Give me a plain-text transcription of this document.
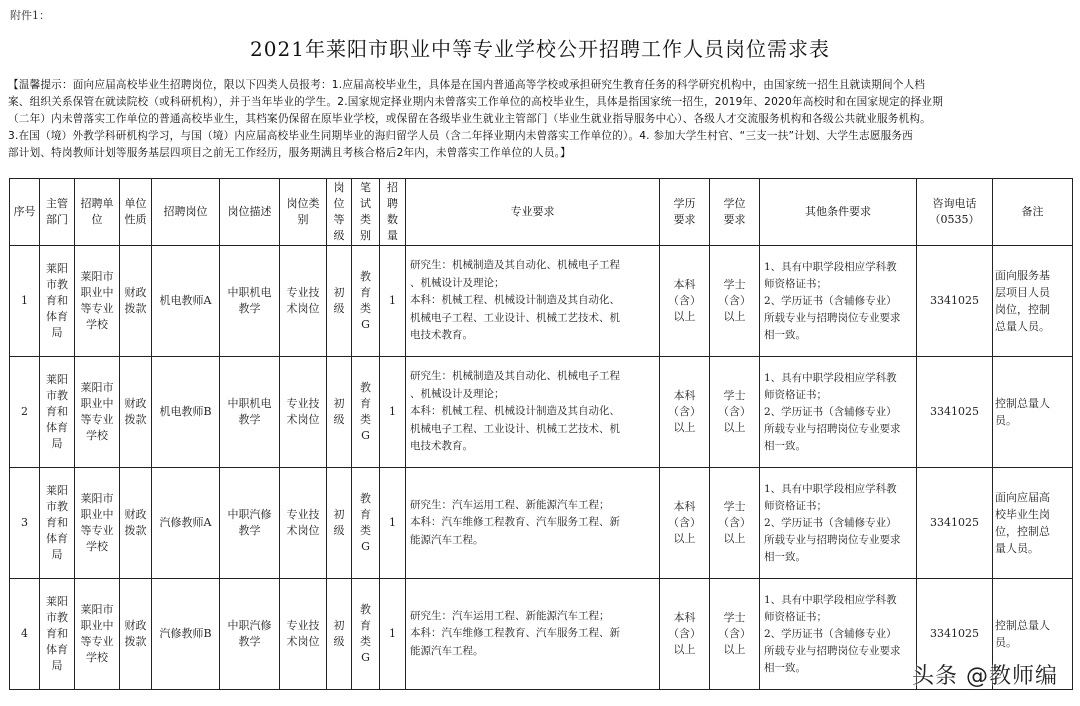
附件1：
2021年莱阳市职业中等专业学校公开招聘工作人员岗位需求表
【温馨提示：面向应届高校毕业生招聘岗位，限以下四类人员报考：1.应届高校毕业生，具体是在国内普通高等学校或承担研究生教育任务的科学研究机构中，由国家统一招生且就读期间个人档
案、组织关系保管在就读院校（或科研机构），并于当年毕业的学生。2.国家规定择业期内未曾落实工作单位的高校毕业生，具体是指国家统一招生，2019年、2020年高校时和在国家规定的择业期
（二年）内未曾落实工作单位的普通高校毕业生，其档案仍保留在原毕业学校，或保留在各级毕业生就业主管部门（毕业生就业指导服务中心）、各级人才交流服务机构和各级公共就业服务机构。
3.在国（境）外教学科研机构学习，与国（境）内应届高校毕业生同期毕业的海归留学人员（含二年择业期内未曾落实工作单位的）。4. 参加大学生村官、“三支一扶”计划、大学生志愿服务西
部计划、特岗教师计划等服务基层四项目之前无工作经历，服务期满且考核合格后2年内，未曾落实工作单位的人员。】
序号	主管
部门	招聘单
位	单位
性质	招聘岗位	岗位描述	岗位类
别	岗
位
等
级	笔
试
类
别	招
聘
数
量	专业要求	学历
要求	学位
要求	其他条件要求	咨询电话
（0535）	备注
1	莱阳
市教
育和
体育
局	莱阳市
职业中
等专业
学校	财政
拨款	机电教师A	中职机电
教学	专业技
术岗位	初
级	教
育
类
G	1	研究生：机械制造及其自动化、机械电子工程
、机械设计及理论；
本科：机械工程、机械设计制造及其自动化、
机械电子工程、工业设计、机械工艺技术、机
电技术教育。	本科
（含）
以上	学士
（含）
以上	1、具有中职学段相应学科教
师资格证书；
2、学历证书（含辅修专业）
所载专业与招聘岗位专业要求
相一致。	3341025	面向服务基
层项目人员
岗位，控制
总量人员。
2	莱阳
市教
育和
体育
局	莱阳市
职业中
等专业
学校	财政
拨款	机电教师B	中职机电
教学	专业技
术岗位	初
级	教
育
类
G	1	研究生：机械制造及其自动化、机械电子工程
、机械设计及理论；
本科：机械工程、机械设计制造及其自动化、
机械电子工程、工业设计、机械工艺技术、机
电技术教育。	本科
（含）
以上	学士
（含）
以上	1、具有中职学段相应学科教
师资格证书；
2、学历证书（含辅修专业）
所载专业与招聘岗位专业要求
相一致。	3341025	控制总量人
员。
3	莱阳
市教
育和
体育
局	莱阳市
职业中
等专业
学校	财政
拨款	汽修教师A	中职汽修
教学	专业技
术岗位	初
级	教
育
类
G	1	研究生：汽车运用工程、新能源汽车工程；
本科：汽车维修工程教育、汽车服务工程、新
能源汽车工程。	本科
（含）
以上	学士
（含）
以上	1、具有中职学段相应学科教
师资格证书；
2、学历证书（含辅修专业）
所载专业与招聘岗位专业要求
相一致。	3341025	面向应届高
校毕业生岗
位，控制总
量人员。
4	莱阳
市教
育和
体育
局	莱阳市
职业中
等专业
学校	财政
拨款	汽修教师B	中职汽修
教学	专业技
术岗位	初
级	教
育
类
G	1	研究生：汽车运用工程、新能源汽车工程；
本科：汽车维修工程教育、汽车服务工程、新
能源汽车工程。	本科
（含）
以上	学士
（含）
以上	1、具有中职学段相应学科教
师资格证书；
2、学历证书（含辅修专业）
所载专业与招聘岗位专业要求
相一致。	3341025	控制总量人
员。
头条 @教师编
